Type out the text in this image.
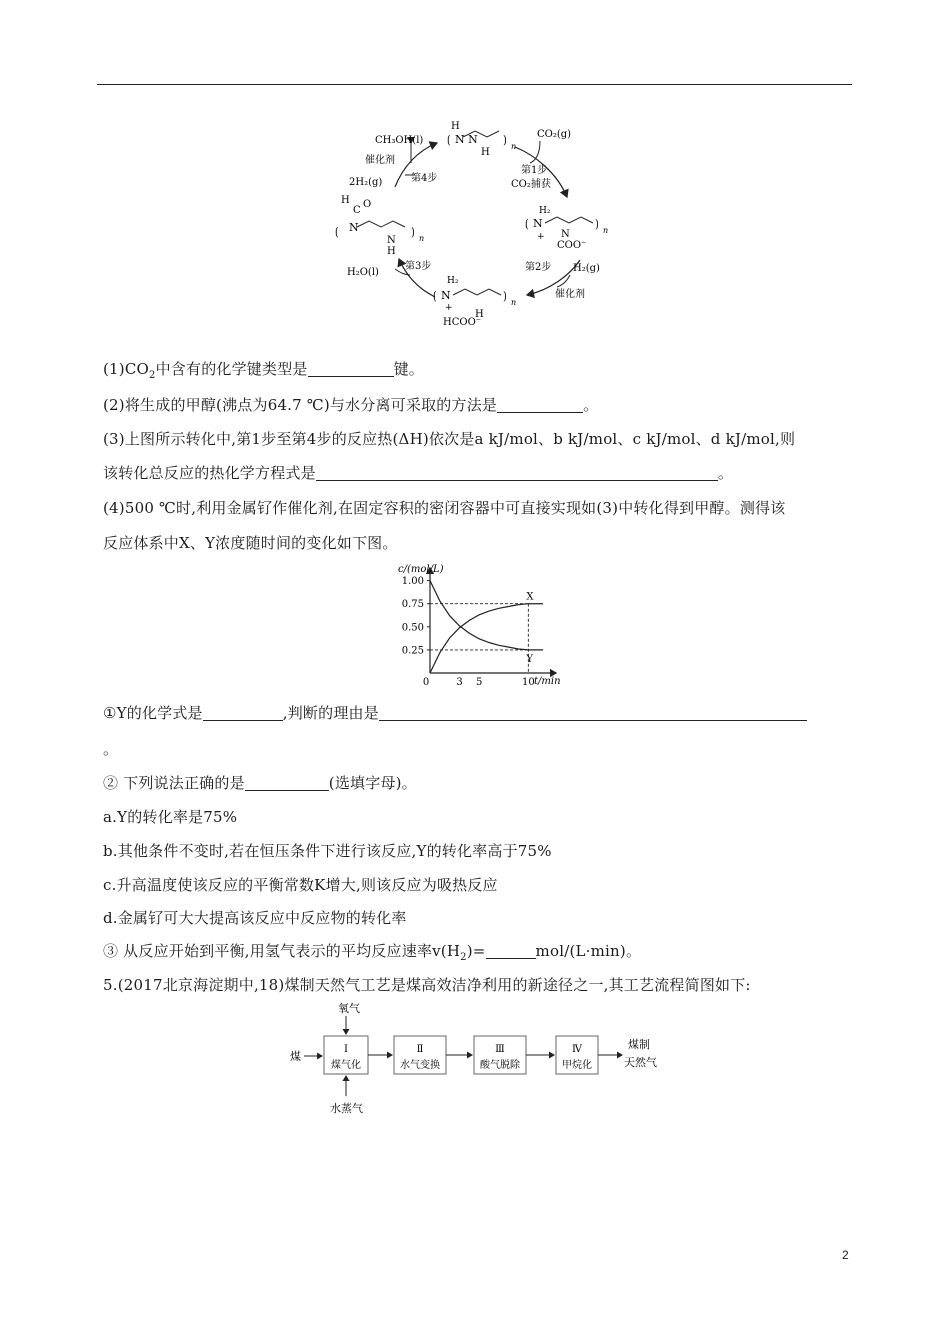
⟮ N N ⟯
H
H
n
CO₂(g)
第1步
CO₂捕获
H₂
⟮ N
+
⟯
n
N
COO⁻
第2步 H₂(g)
催化剂
H₂
⟮ N
+
⟯
n
H
HCOO⁻
第3步
H₂O(l)
H
C
O
⟮ N
N
H
⟯
n
第4步
2H₂(g)
催化剂
CH₃OH(l)
$(1)CO_2$中含有的化学键类型是	键。
(2)将生成的甲醇(沸点为64.7 ℃)与水分离可采取的方法是	。
(3)上图所示转化中,第1步至第4步的反应热(ΔH)依次是a kJ/mol、b kJ/mol、c kJ/mol、d kJ/mol,则
该转化总反应的热化学方程式是	。
(4)500 ℃时,利用金属钌作催化剂,在固定容积的密闭容器中可直接实现如(3)中转化得到甲醇。测得该
反应体系中X、Y浓度随时间的变化如下图。
c/(mol/L)
t/min
1.00
0.75
0.50
0.25
0	3 5	10
X
Y
①Y的化学式是	,判断的理由是
。
② 下列说法正确的是	(选填字母)。
a.Y的转化率是75%
b.其他条件不变时,若在恒压条件下进行该反应,Y的转化率高于75%
c.升高温度使该反应的平衡常数K增大,则该反应为吸热反应
d.金属钌可大大提高该反应中反应物的转化率
③ 从反应开始到平衡,用氢气表示的平均反应速率$v(H_2)=$	mol/(L·min)。
5.(2017北京海淀期中,18)煤制天然气工艺是煤高效洁净利用的新途径之一,其工艺流程简图如下:
氧气
煤
水蒸气
Ⅰ
煤气化
Ⅱ
水气变换
Ⅲ
酸气脱除
Ⅳ
甲烷化
煤制
天然气
2
